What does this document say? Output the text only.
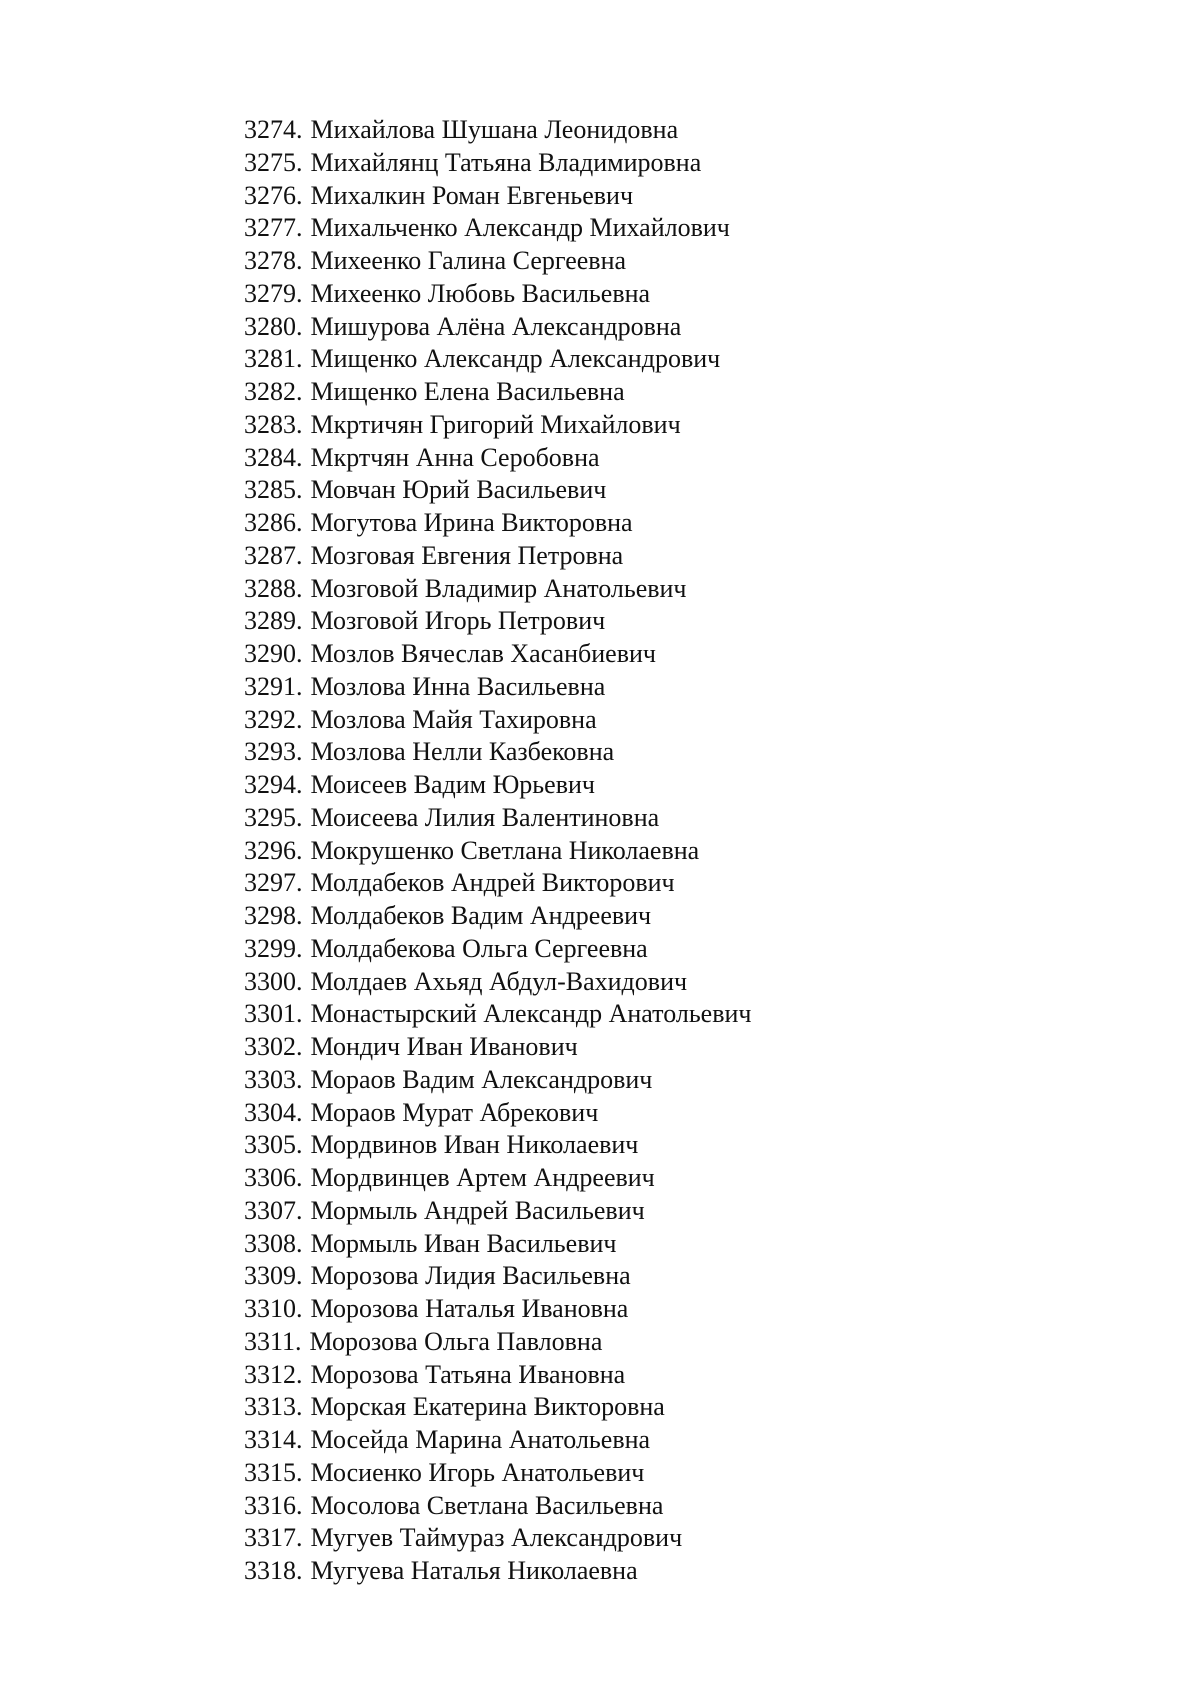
3274. Михайлова Шушана Леонидовна
3275. Михайлянц Татьяна Владимировна
3276. Михалкин Роман Евгеньевич
3277. Михальченко Александр Михайлович
3278. Михеенко Галина Сергеевна
3279. Михеенко Любовь Васильевна
3280. Мишурова Алёна Александровна
3281. Мищенко Александр Александрович
3282. Мищенко Елена Васильевна
3283. Мкртичян Григорий Михайлович
3284. Мкртчян Анна Серобовна
3285. Мовчан Юрий Васильевич
3286. Могутова Ирина Викторовна
3287. Мозговая Евгения Петровна
3288. Мозговой Владимир Анатольевич
3289. Мозговой Игорь Петрович
3290. Мозлов Вячеслав Хасанбиевич
3291. Мозлова Инна Васильевна
3292. Мозлова Майя Тахировна
3293. Мозлова Нелли Казбековна
3294. Моисеев Вадим Юрьевич
3295. Моисеева Лилия Валентиновна
3296. Мокрушенко Светлана Николаевна
3297. Молдабеков Андрей Викторович
3298. Молдабеков Вадим Андреевич
3299. Молдабекова Ольга Сергеевна
3300. Молдаев Ахьяд Абдул-Вахидович
3301. Монастырский Александр Анатольевич
3302. Мондич Иван Иванович
3303. Мораов Вадим Александрович
3304. Мораов Мурат Абрекович
3305. Мордвинов Иван Николаевич
3306. Мордвинцев Артем Андреевич
3307. Мормыль Андрей Васильевич
3308. Мормыль Иван Васильевич
3309. Морозова Лидия Васильевна
3310. Морозова Наталья Ивановна
3311. Морозова Ольга Павловна
3312. Морозова Татьяна Ивановна
3313. Морская Екатерина Викторовна
3314. Мосейда Марина Анатольевна
3315. Мосиенко Игорь Анатольевич
3316. Мосолова Светлана Васильевна
3317. Мугуев Таймураз Александрович
3318. Мугуева Наталья Николаевна
